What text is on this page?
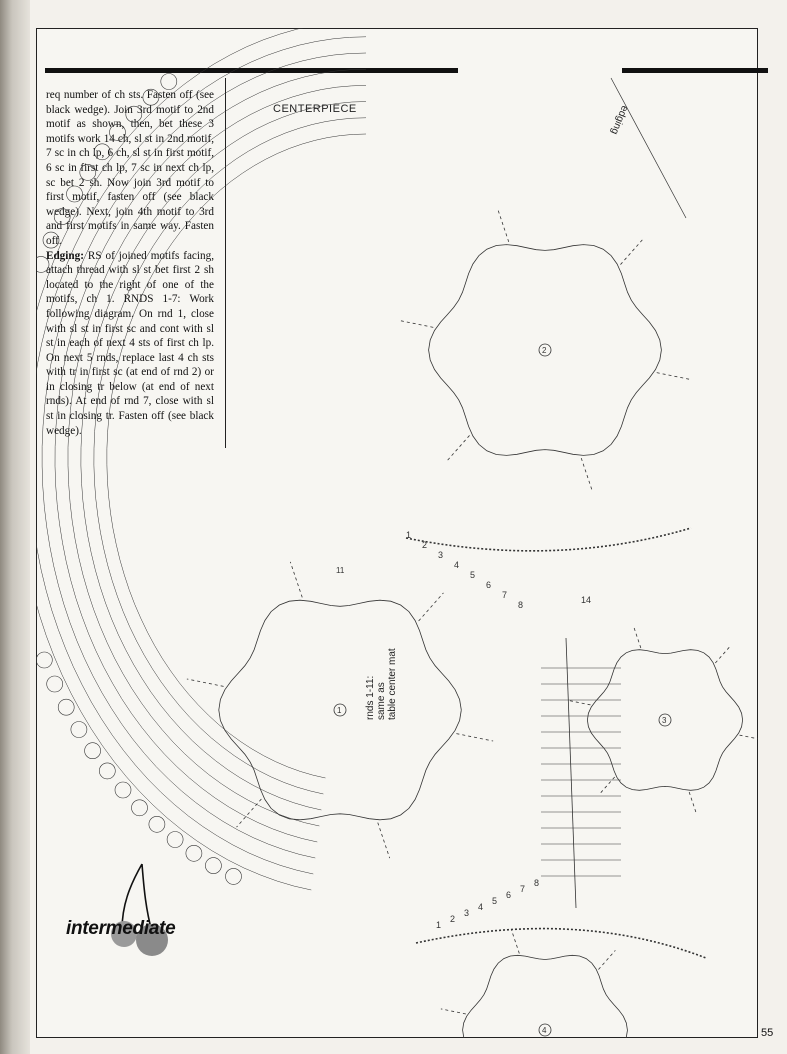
req number of ch sts. Fasten off (see black wedge). Join 3rd motif to 2nd motif as shown, then, bet these 3 motifs work 14 ch, sl st in 2nd motif, 7 sc in ch lp, 6 ch, sl st in first motif, 6 sc in first ch lp, 7 sc in next ch lp, sc bet 2 sh. Now join 3rd motif to first motif, fasten off (see black wedge). Next, join 4th motif to 3rd and first motifs in same way. Fasten off.
Edging: RS of joined motifs facing, attach thread with sl st bet first 2 sh located to the right of one of the motifs, ch 1. RNDS 1-7: Work following diagram. On rnd 1, close with sl st in first sc and cont with sl st in each of next 4 sts of first ch lp. On next 5 rnds, replace last 4 ch sts with tr in first sc (at end of rnd 2) or in closing tr below (at end of next rnds). At end of rnd 7, close with sl st in closing tr. Fasten off (see black wedge).
1
2
3
4
1
1
2
2
3
3
4
4
5
5
6
6
7
7
8
8
14
11
CENTERPIECE	edging
rnds 1-11: same as table center mat
intermediate
55
